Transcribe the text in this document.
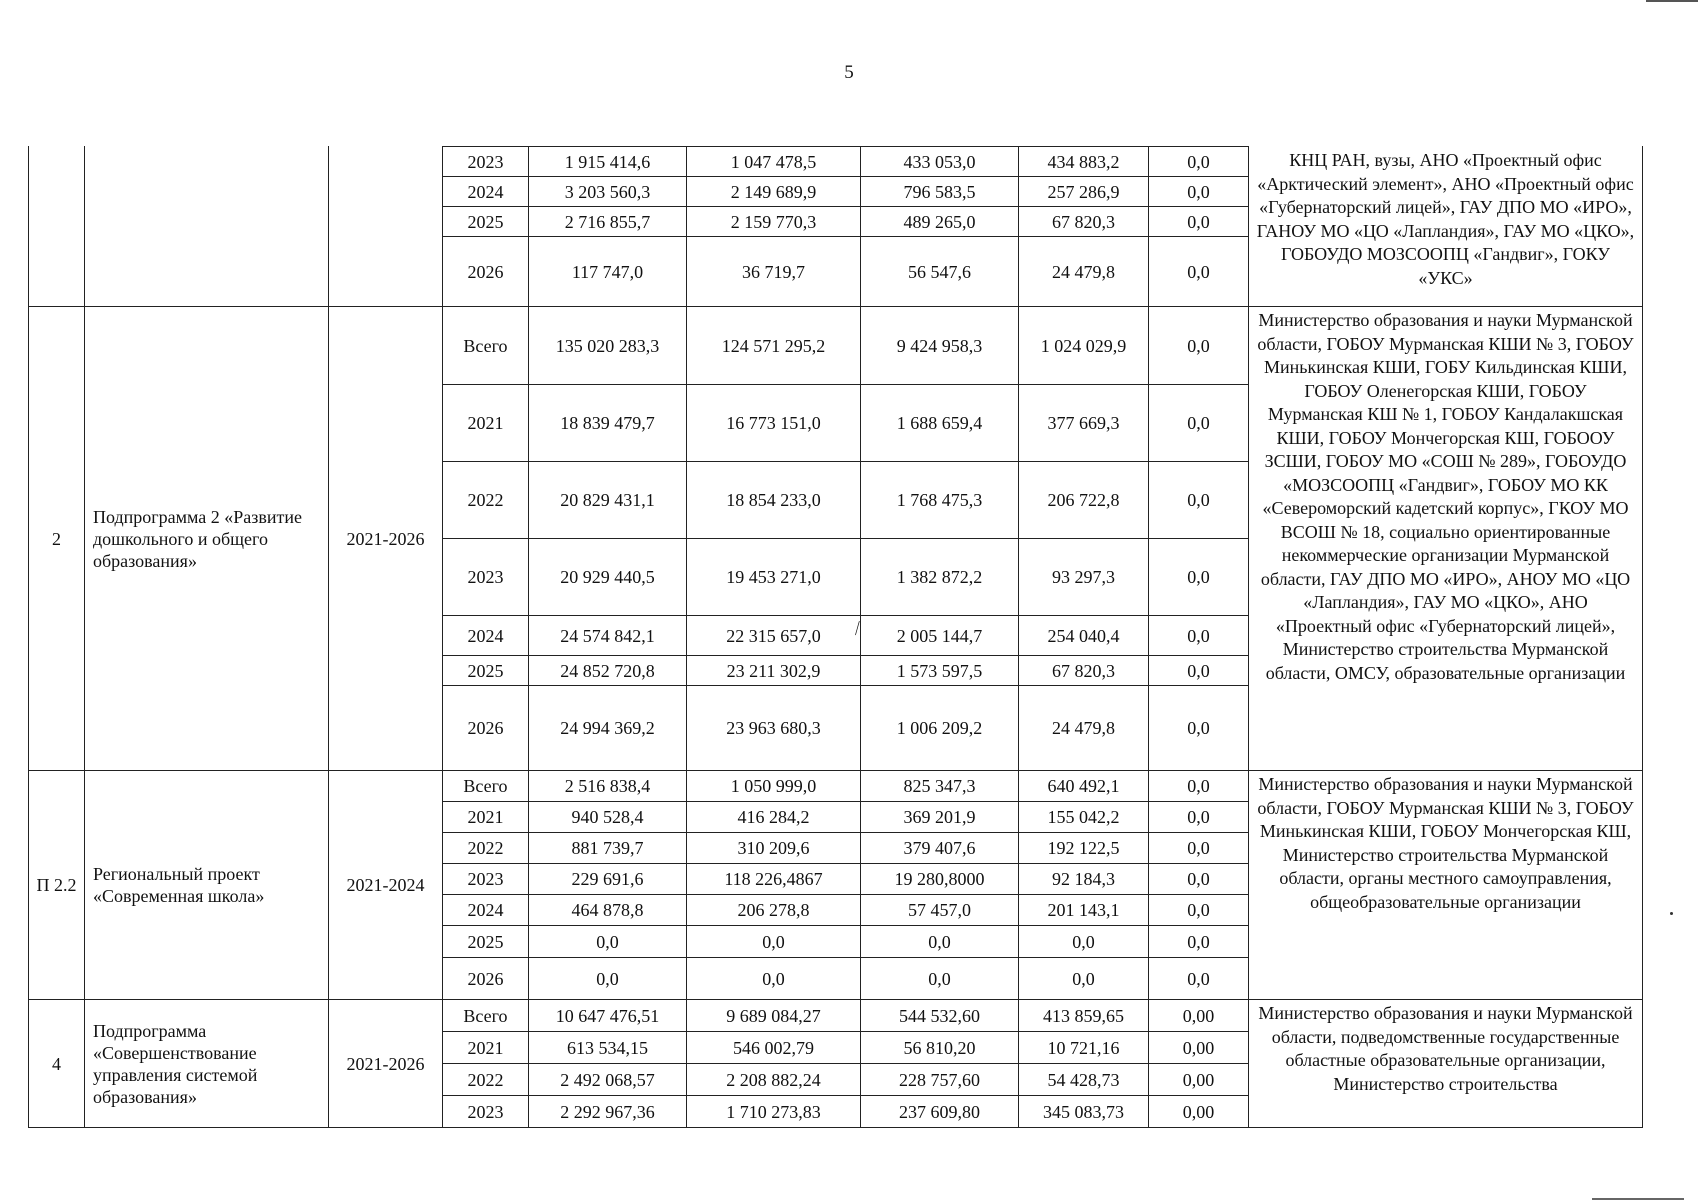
5
			2023	1 915 414,6	1 047 478,5	433 053,0	434 883,2	0,0	КНЦ РАН, вузы, АНО «Проектный офис «Арктический элемент», АНО «Проектный офис «Губернаторский лицей», ГАУ ДПО МО «ИРО», ГАНОУ МО «ЦО «Лапландия», ГАУ МО «ЦКО», ГОБОУДО МОЗСООПЦ «Гандвиг», ГОКУ «УКС»
			2024	3 203 560,3	2 149 689,9	796 583,5	257 286,9	0,0	
			2025	2 716 855,7	2 159 770,3	489 265,0	67 820,3	0,0	
			2026	117 747,0	36 719,7	56 547,6	24 479,8	0,0	
2	Подпрограмма 2 «Развитие дошкольного и общего образования»	2021-2026	Всего	135 020 283,3	124 571 295,2	9 424 958,3	1 024 029,9	0,0	Министерство образования и науки Мурманской области, ГОБОУ Мурманская КШИ № 3, ГОБОУ Минькинская КШИ, ГОБУ Кильдинская КШИ, ГОБОУ Оленегорская КШИ, ГОБОУ Мурманская КШ № 1, ГОБОУ Кандалакшская КШИ, ГОБОУ Мончегорская КШ, ГОБООУ ЗСШИ, ГОБОУ МО «СОШ № 289», ГОБОУДО «МОЗСООПЦ «Гандвиг», ГОБОУ МО КК «Североморский кадетский корпус», ГКОУ МО ВСОШ № 18, социально ориентированные некоммерческие организации Мурманской области, ГАУ ДПО МО «ИРО», АНОУ МО «ЦО «Лапландия», ГАУ МО «ЦКО», АНО «Проектный офис «Губернаторский лицей», Министерство строительства Мурманской области, ОМСУ, образовательные организации
			2021	18 839 479,7	16 773 151,0	1 688 659,4	377 669,3	0,0	
			2022	20 829 431,1	18 854 233,0	1 768 475,3	206 722,8	0,0	
			2023	20 929 440,5	19 453 271,0	1 382 872,2	93 297,3	0,0	
			2024	24 574 842,1	22 315 657,0	2 005 144,7	254 040,4	0,0	
			2025	24 852 720,8	23 211 302,9	1 573 597,5	67 820,3	0,0	
			2026	24 994 369,2	23 963 680,3	1 006 209,2	24 479,8	0,0	
П 2.2	Региональный проект «Современная школа»	2021-2024	Всего	2 516 838,4	1 050 999,0	825 347,3	640 492,1	0,0	Министерство образования и науки Мурманской области, ГОБОУ Мурманская КШИ № 3, ГОБОУ Минькинская КШИ, ГОБОУ Мончегорская КШ, Министерство строительства Мурманской области, органы местного самоуправления, общеобразовательные организации
			2021	940 528,4	416 284,2	369 201,9	155 042,2	0,0	
			2022	881 739,7	310 209,6	379 407,6	192 122,5	0,0	
			2023	229 691,6	118 226,4867	19 280,8000	92 184,3	0,0	
			2024	464 878,8	206 278,8	57 457,0	201 143,1	0,0	
			2025	0,0	0,0	0,0	0,0	0,0	
			2026	0,0	0,0	0,0	0,0	0,0	
4	Подпрограмма «Совершенствование управления системой образования»	2021-2026	Всего	10 647 476,51	9 689 084,27	544 532,60	413 859,65	0,00	Министерство образования и науки Мурманской области, подведомственные государственные областные образовательные организации, Министерство строительства
			2021	613 534,15	546 002,79	56 810,20	10 721,16	0,00	
			2022	2 492 068,57	2 208 882,24	228 757,60	54 428,73	0,00	
			2023	2 292 967,36	1 710 273,83	237 609,80	345 083,73	0,00	
⁄
